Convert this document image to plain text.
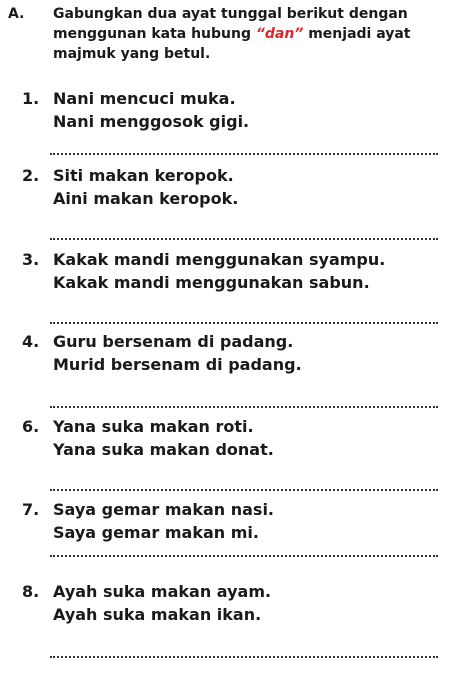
A. Gabungkan dua ayat tunggal berikut dengan
menggunan kata hubung “dan” menjadi ayat
majmuk yang betul.
1. Nani mencuci muka.
Nani menggosok gigi.
2. Siti makan keropok.
Aini makan keropok.
3. Kakak mandi menggunakan syampu.
Kakak mandi menggunakan sabun.
4. Guru bersenam di padang.
Murid bersenam di padang.
6. Yana suka makan roti.
Yana suka makan donat.
7. Saya gemar makan nasi.
Saya gemar makan mi.
8. Ayah suka makan ayam.
Ayah suka makan ikan.
